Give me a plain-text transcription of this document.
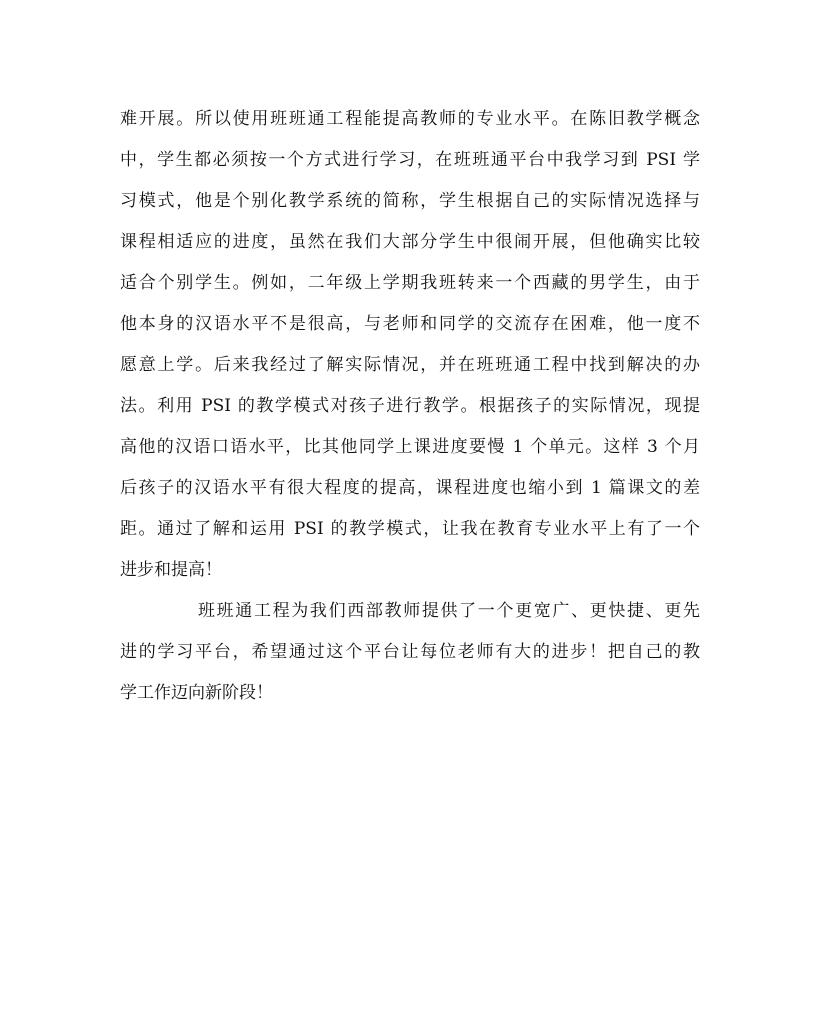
难开展。所以使用班班通工程能提高教师的专业水平。在陈旧教学概念
中，学生都必须按一个方式进行学习，在班班通平台中我学习到 PSI 学
习模式，他是个别化教学系统的简称，学生根据自己的实际情况选择与
课程相适应的进度，虽然在我们大部分学生中很闹开展，但他确实比较
适合个别学生。例如，二年级上学期我班转来一个西藏的男学生，由于
他本身的汉语水平不是很高，与老师和同学的交流存在困难，他一度不
愿意上学。后来我经过了解实际情况，并在班班通工程中找到解决的办
法。利用 PSI 的教学模式对孩子进行教学。根据孩子的实际情况，现提
高他的汉语口语水平，比其他同学上课进度要慢 1 个单元。这样 3 个月
后孩子的汉语水平有很大程度的提高，课程进度也缩小到 1 篇课文的差
距。通过了解和运用 PSI 的教学模式，让我在教育专业水平上有了一个
进步和提高！
班班通工程为我们西部教师提供了一个更宽广、更快捷、更先
进的学习平台，希望通过这个平台让每位老师有大的进步！把自己的教
学工作迈向新阶段！
